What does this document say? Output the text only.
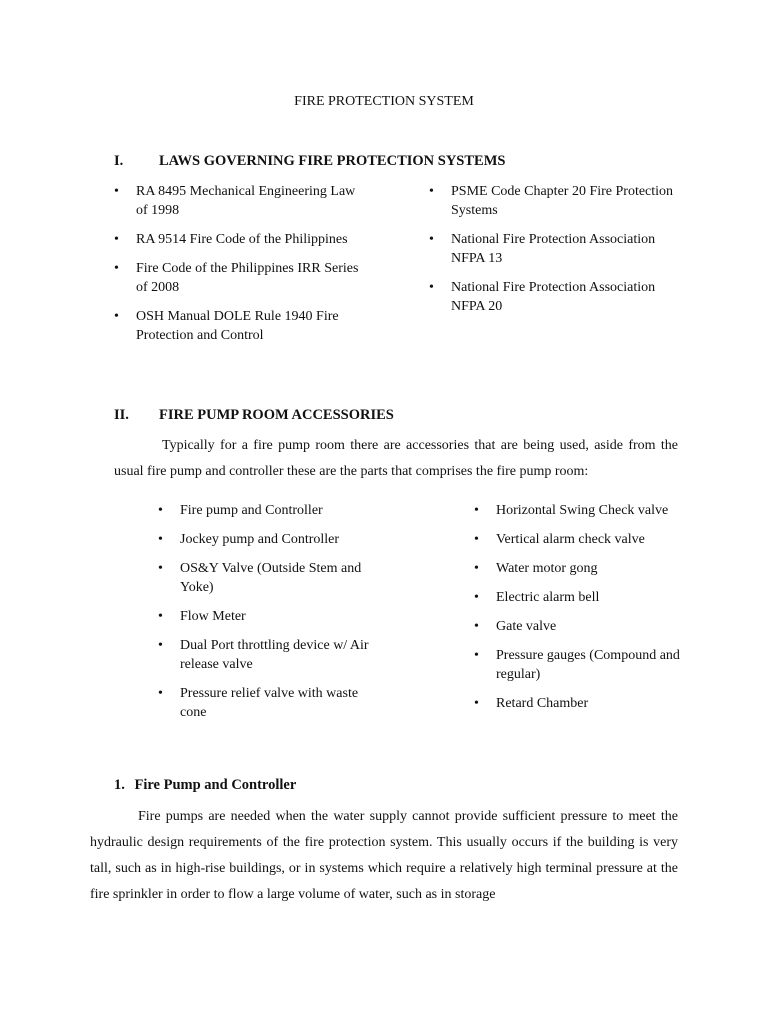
FIRE PROTECTION SYSTEM
I. LAWS GOVERNING FIRE PROTECTION SYSTEMS
• RA 8495 Mechanical Engineering Law of 1998
• RA 9514 Fire Code of the Philippines
• Fire Code of the Philippines IRR Series of 2008
• OSH Manual DOLE Rule 1940 Fire Protection and Control
• PSME Code Chapter 20 Fire Protection Systems
• National Fire Protection Association NFPA 13
• National Fire Protection Association NFPA 20
II. FIRE PUMP ROOM ACCESSORIES
Typically for a fire pump room there are accessories that are being used, aside from the usual fire pump and controller these are the parts that comprises the fire pump room:
• Fire pump and Controller
• Jockey pump and Controller
• OS&Y Valve (Outside Stem and Yoke)
• Flow Meter
• Dual Port throttling device w/ Air release valve
• Pressure relief valve with waste cone
• Horizontal Swing Check valve
• Vertical alarm check valve
• Water motor gong
• Electric alarm bell
• Gate valve
• Pressure gauges (Compound and regular)
• Retard Chamber
1. Fire Pump and Controller
Fire pumps are needed when the water supply cannot provide sufficient pressure to meet the hydraulic design requirements of the fire protection system. This usually occurs if the building is very tall, such as in high-rise buildings, or in systems which require a relatively high terminal pressure at the fire sprinkler in order to flow a large volume of water, such as in storage
